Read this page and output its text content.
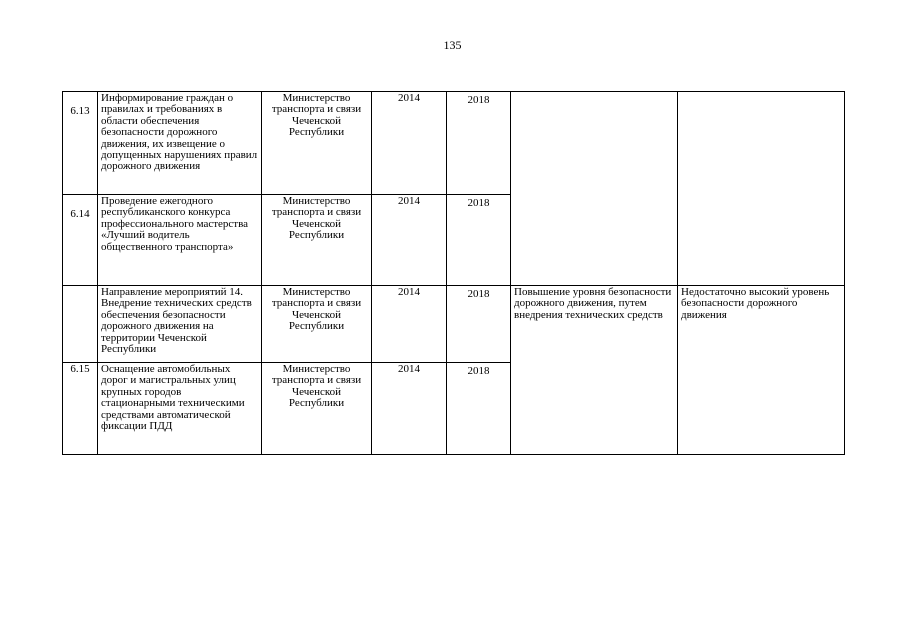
135
6.13	Информирование граждан о правилах и требованиях в области обеспечения безопасности дорожного движения, их извещение о допущенных нарушениях правил дорожного движения	Министерство транспорта и связи Чеченской Республики	2014	2018		
6.14	Проведение ежегодного республиканского конкурса профессионального мастерства «Лучший водитель общественного транспорта»	Министерство транспорта и связи Чеченской Республики	2014	2018		
	Направление мероприятий 14. Внедрение технических средств обеспечения безопасности дорожного движения на территории Чеченской Республики	Министерство транспорта и связи Чеченской Республики	2014	2018	Повышение уровня безопасности дорожного движения, путем внедрения технических средств	Недостаточно высокий уровень безопасности дорожного движения
6.15	Оснащение автомобильных дорог и магистральных улиц крупных городов стационарными техническими средствами автоматической фиксации ПДД	Министерство транспорта и связи Чеченской Республики	2014	2018		
